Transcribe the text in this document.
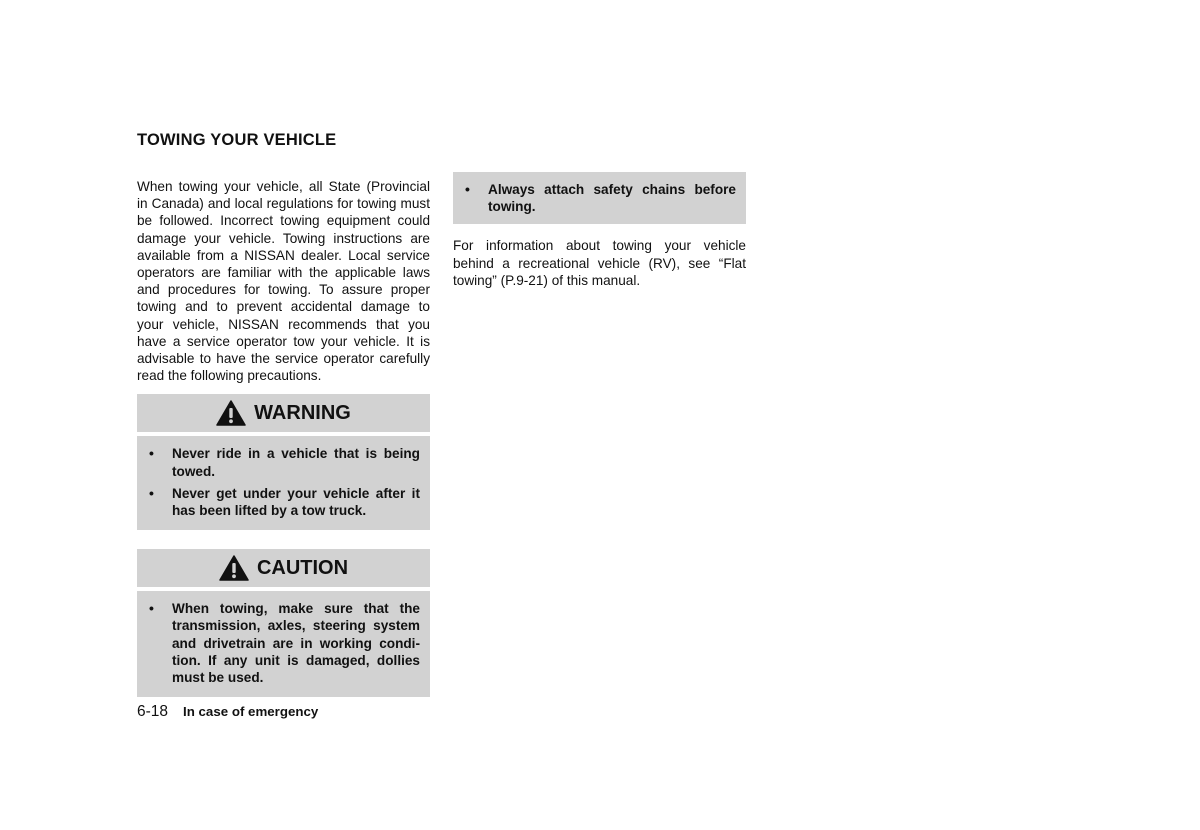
TOWING YOUR VEHICLE

When towing your vehicle, all State (Provincial in Canada) and local regulations for towing must be followed. Incorrect towing equipment could damage your vehicle. Towing instructions are available from a NISSAN dealer. Local service operators are familiar with the applicable laws and procedures for towing. To assure proper towing and to prevent accidental damage to your vehicle, NISSAN recommends that you have a service operator tow your vehicle. It is advisable to have the service operator carefully read the following precautions.

WARNING
• Never ride in a vehicle that is being towed.
• Never get under your vehicle after it has been lifted by a tow truck.
CAUTION
• When towing, make sure that the transmission, axles, steering system and drivetrain are in working condi-tion. If any unit is damaged, dollies must be used.
• Always attach safety chains before towing.

For information about towing your vehicle behind a recreational vehicle (RV), see “Flat towing” (P.9-21) of this manual.

6-18 In case of emergency
